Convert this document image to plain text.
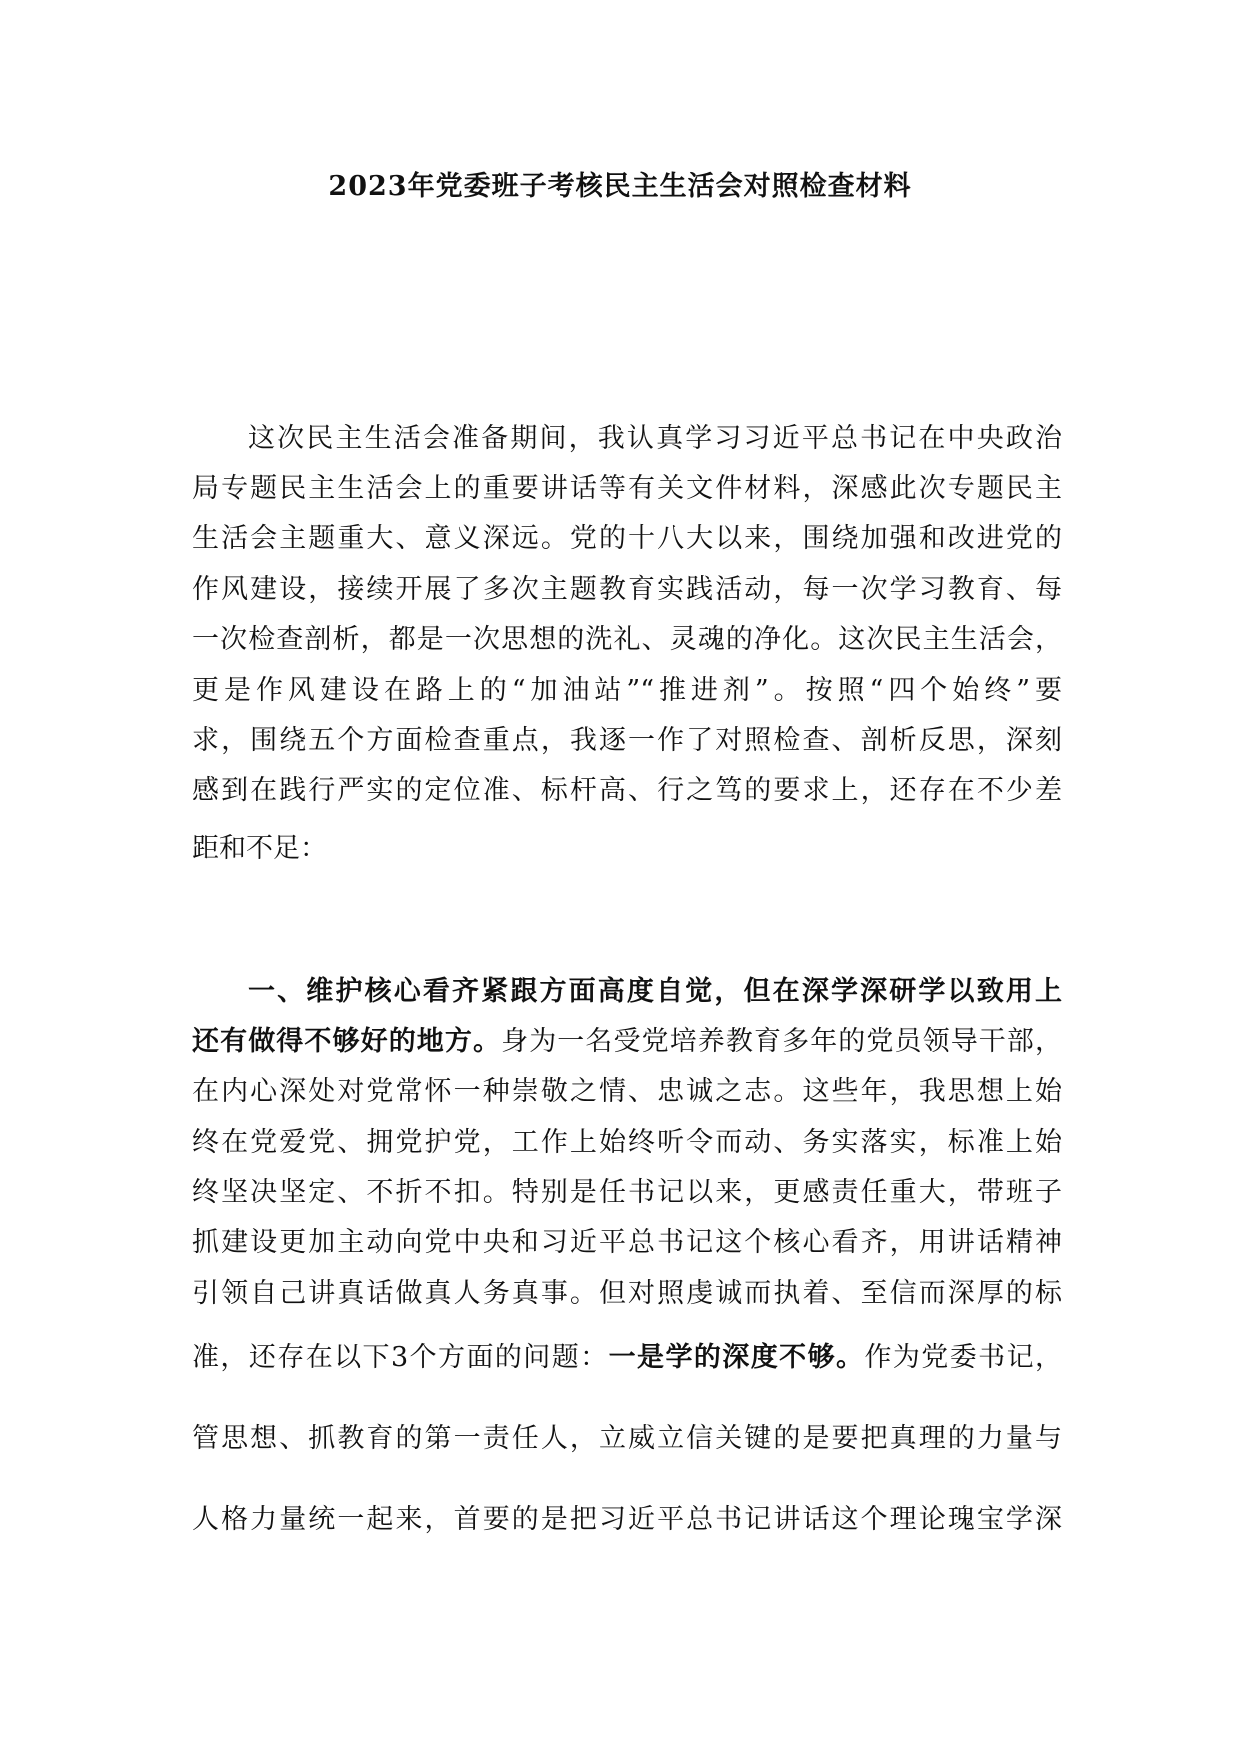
2023年党委班子考核民主生活会对照检查材料
这次民主生活会准备期间，我认真学习习近平总书记在中央政治
局专题民主生活会上的重要讲话等有关文件材料，深感此次专题民主
生活会主题重大、意义深远。党的十八大以来，围绕加强和改进党的
作风建设，接续开展了多次主题教育实践活动，每一次学习教育、每
一次检查剖析，都是一次思想的洗礼、灵魂的净化。这次民主生活会，
更是作风建设在路上的“加油站”“推进剂”。按照“四个始终”要
求，围绕五个方面检查重点，我逐一作了对照检查、剖析反思，深刻
感到在践行严实的定位准、标杆高、行之笃的要求上，还存在不少差
距和不足：
一、维护核心看齐紧跟方面高度自觉，但在深学深研学以致用上
还有做得不够好的地方。身为一名受党培养教育多年的党员领导干部，
在内心深处对党常怀一种崇敬之情、忠诚之志。这些年，我思想上始
终在党爱党、拥党护党，工作上始终听令而动、务实落实，标准上始
终坚决坚定、不折不扣。特别是任书记以来，更感责任重大，带班子
抓建设更加主动向党中央和习近平总书记这个核心看齐，用讲话精神
引领自己讲真话做真人务真事。但对照虔诚而执着、至信而深厚的标
准，还存在以下3个方面的问题：一是学的深度不够。作为党委书记，
管思想、抓教育的第一责任人，立威立信关键的是要把真理的力量与
人格力量统一起来，首要的是把习近平总书记讲话这个理论瑰宝学深
